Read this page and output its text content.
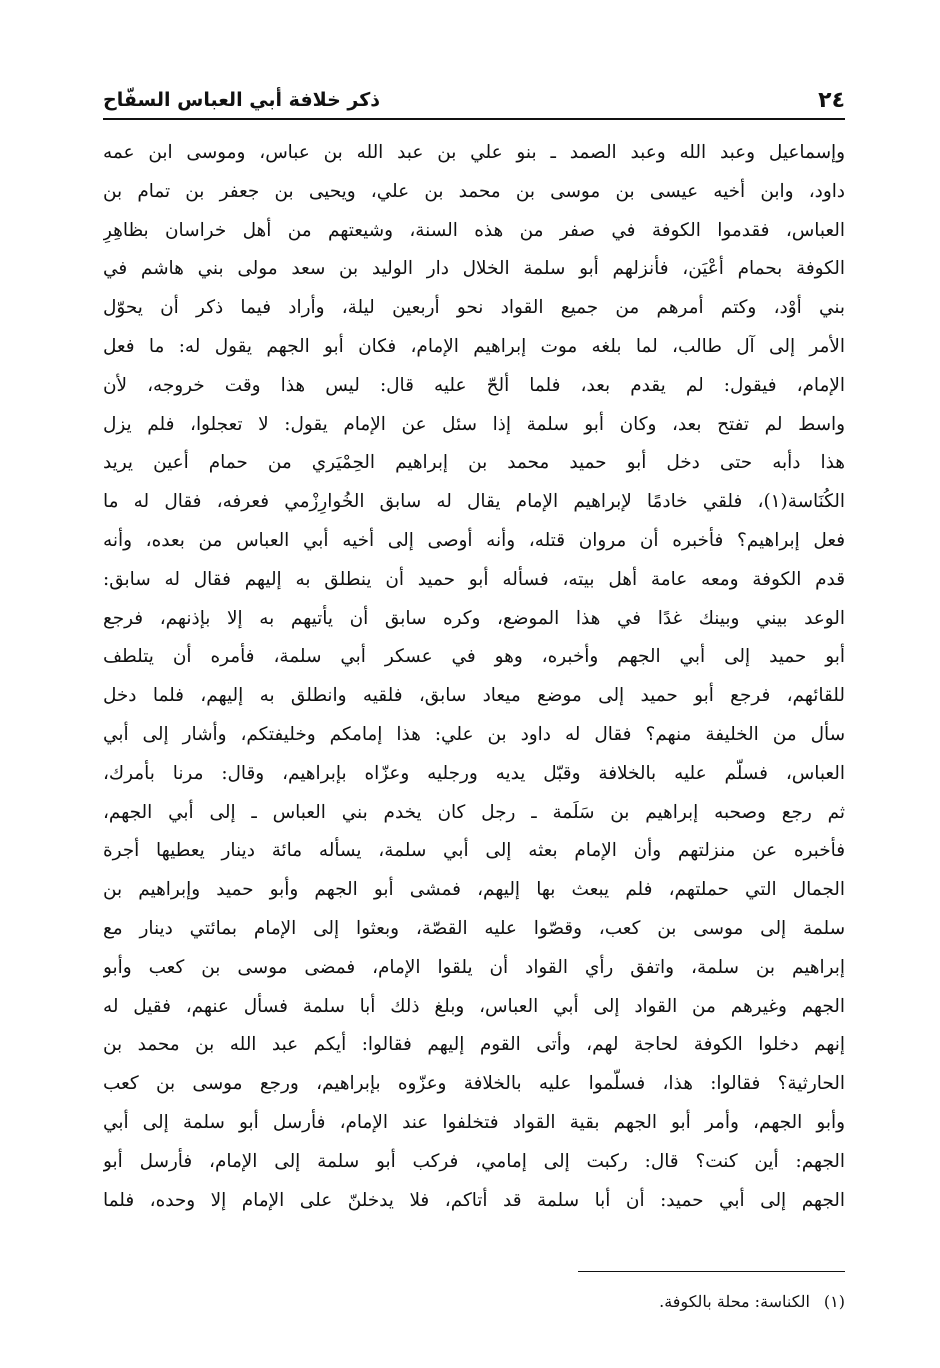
٢٤
ذكر خلافة أبي العباس السفّاح
وإسماعيل وعبد الله وعبد الصمد ـ بنو علي بن عبد الله بن عباس، وموسى ابن عمه
داود، وابن أخيه عيسى بن موسى بن محمد بن علي، ويحيى بن جعفر بن تمام بن
العباس، فقدموا الكوفة في صفر من هذه السنة، وشيعتهم من أهل خراسان بظاهِرِ
الكوفة بحمام أعْيَن، فأنزلهم أبو سلمة الخلال دار الوليد بن سعد مولى بني هاشم في
بني أوْد، وكتم أمرهم من جميع القواد نحو أربعين ليلة، وأراد فيما ذكر أن يحوّل
الأمر إلى آل طالب، لما بلغه موت إبراهيم الإمام، فكان أبو الجهم يقول له: ما فعل
الإمام، فيقول: لم يقدم بعد، فلما ألحّ عليه قال: ليس هذا وقت خروجه، لأن
واسط لم تفتح بعد، وكان أبو سلمة إذا سئل عن الإمام يقول: لا تعجلوا، فلم يزل
هذا دأبه حتى دخل أبو حميد محمد بن إبراهيم الحِمْيَري من حمام أعين يريد
الكُنَاسة(١)، فلقي خادمًا لإبراهيم الإمام يقال له سابق الخُوارِزْمي فعرفه، فقال له ما
فعل إبراهيم؟ فأخبره أن مروان قتله، وأنه أوصى إلى أخيه أبي العباس من بعده، وأنه
قدم الكوفة ومعه عامة أهل بيته، فسأله أبو حميد أن ينطلق به إليهم فقال له سابق:
الوعد بيني وبينك غدًا في هذا الموضع، وكره سابق أن يأتيهم به إلا بإذنهم، فرجع
أبو حميد إلى أبي الجهم وأخبره، وهو في عسكر أبي سلمة، فأمره أن يتلطف
للقائهم، فرجع أبو حميد إلى موضع ميعاد سابق، فلقيه وانطلق به إليهم، فلما دخل
سأل من الخليفة منهم؟ فقال له داود بن علي: هذا إمامكم وخليفتكم، وأشار إلى أبي
العباس، فسلّم عليه بالخلافة وقبّل يديه ورجليه وعزّاه بإبراهيم، وقال: مرنا بأمرك،
ثم رجع وصحبه إبراهيم بن سَلَمة ـ رجل كان يخدم بني العباس ـ إلى أبي الجهم،
فأخبره عن منزلتهم وأن الإمام بعثه إلى أبي سلمة، يسأله مائة دينار يعطيها أجرة
الجمال التي حملتهم، فلم يبعث بها إليهم، فمشى أبو الجهم وأبو حميد وإبراهيم بن
سلمة إلى موسى بن كعب، وقصّوا عليه القصّة، وبعثوا إلى الإمام بمائتي دينار مع
إبراهيم بن سلمة، واتفق رأي القواد أن يلقوا الإمام، فمضى موسى بن كعب وأبو
الجهم وغيرهم من القواد إلى أبي العباس، وبلغ ذلك أبا سلمة فسأل عنهم، فقيل له
إنهم دخلوا الكوفة لحاجة لهم، وأتى القوم إليهم فقالوا: أيكم عبد الله بن محمد بن
الحارثية؟ فقالوا: هذا، فسلّموا عليه بالخلافة وعزّوه بإبراهيم، ورجع موسى بن كعب
وأبو الجهم، وأمر أبو الجهم بقية القواد فتخلفوا عند الإمام، فأرسل أبو سلمة إلى أبي
الجهم: أين كنت؟ قال: ركبت إلى إمامي، فركب أبو سلمة إلى الإمام، فأرسل أبو
الجهم إلى أبي حميد: أن أبا سلمة قد أتاكم، فلا يدخلنّ على الإمام إلا وحده، فلما
(١)الكناسة: محلة بالكوفة.
